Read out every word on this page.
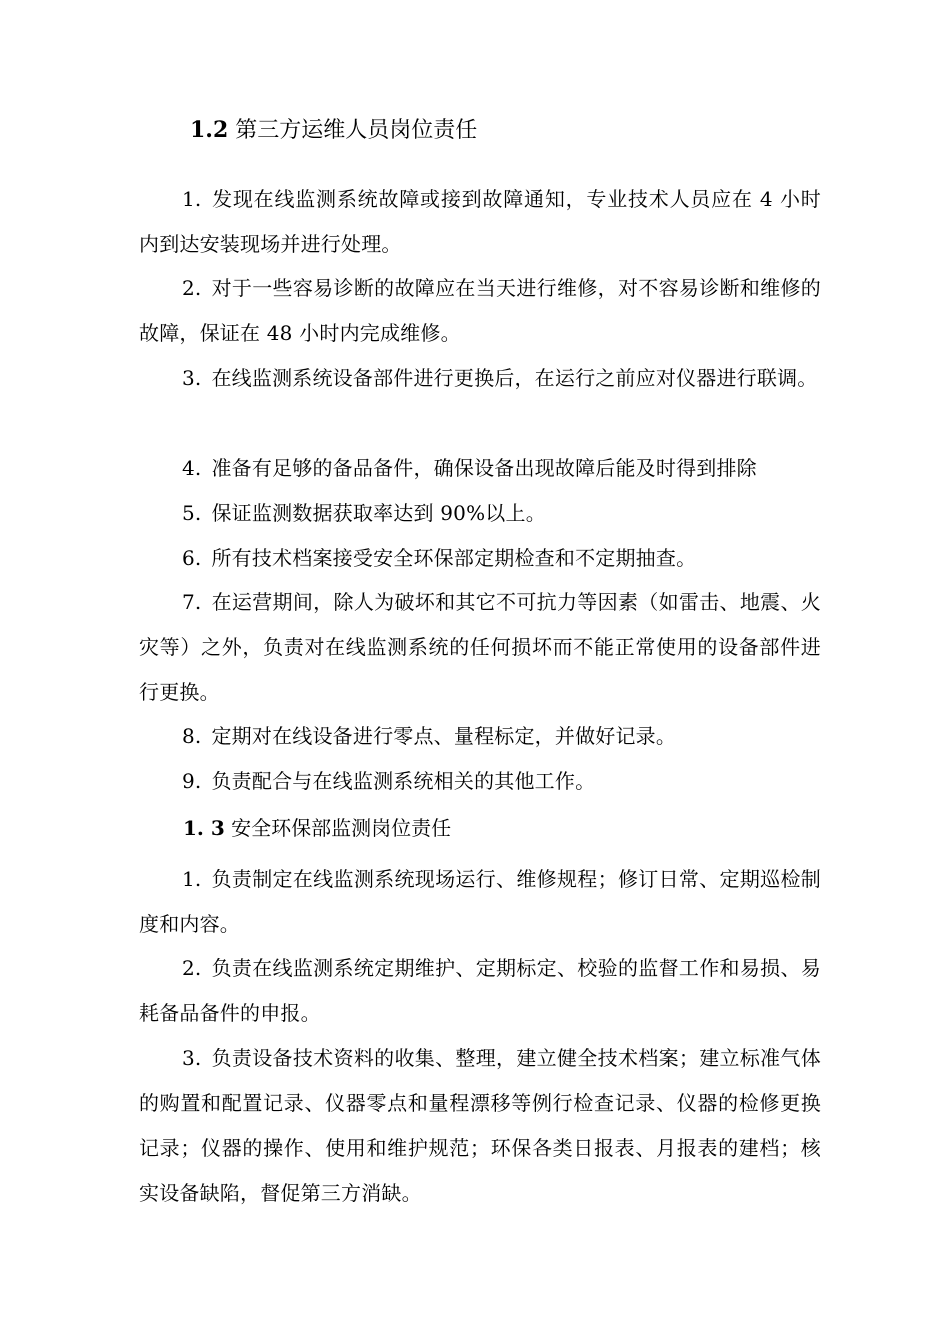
1.2 第三方运维人员岗位责任
1. 发现在线监测系统故障或接到故障通知，专业技术人员应在 4 小时内到达安装现场并进行处理。
2. 对于一些容易诊断的故障应在当天进行维修，对不容易诊断和维修的故障，保证在 48 小时内完成维修。
3. 在线监测系统设备部件进行更换后，在运行之前应对仪器进行联调。
4. 准备有足够的备品备件，确保设备出现故障后能及时得到排除
5. 保证监测数据获取率达到 90%以上。
6. 所有技术档案接受安全环保部定期检查和不定期抽查。
7. 在运营期间，除人为破坏和其它不可抗力等因素（如雷击、地震、火灾等）之外，负责对在线监测系统的任何损坏而不能正常使用的设备部件进行更换。
8. 定期对在线设备进行零点、量程标定，并做好记录。
9. 负责配合与在线监测系统相关的其他工作。
1. 3 安全环保部监测岗位责任
1. 负责制定在线监测系统现场运行、维修规程；修订日常、定期巡检制度和内容。
2. 负责在线监测系统定期维护、定期标定、校验的监督工作和易损、易耗备品备件的申报。
3. 负责设备技术资料的收集、整理，建立健全技术档案；建立标准气体的购置和配置记录、仪器零点和量程漂移等例行检查记录、仪器的检修更换记录；仪器的操作、使用和维护规范；环保各类日报表、月报表的建档；核实设备缺陷，督促第三方消缺。
